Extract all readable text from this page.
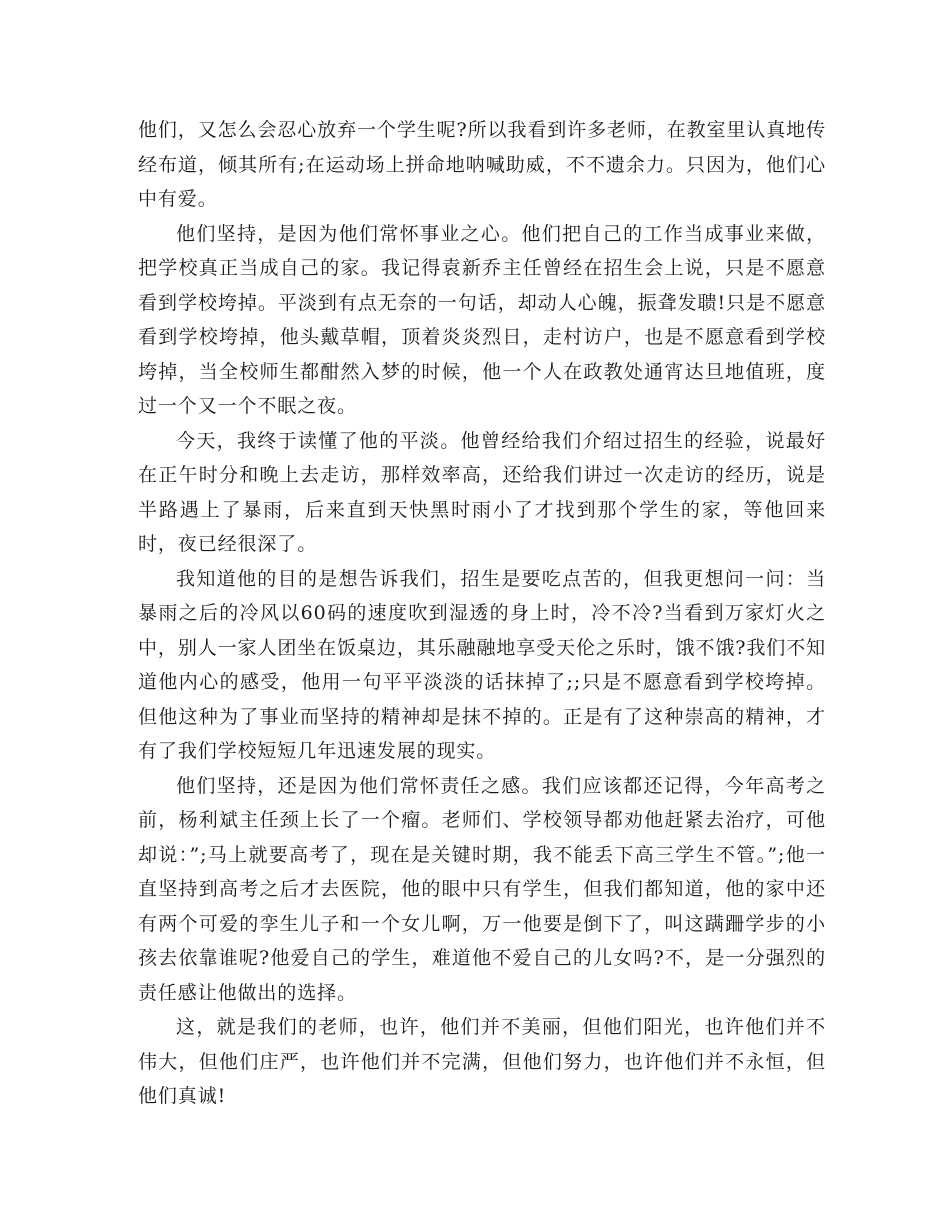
他们，又怎么会忍心放弃一个学生呢?所以我看到许多老师，在教室里认真地传经布道，倾其所有;在运动场上拼命地呐喊助威，不不遗余力。只因为，他们心中有爱。

他们坚持，是因为他们常怀事业之心。他们把自己的工作当成事业来做，把学校真正当成自己的家。我记得袁新乔主任曾经在招生会上说，只是不愿意看到学校垮掉。平淡到有点无奈的一句话，却动人心魄，振聋发聩!只是不愿意看到学校垮掉，他头戴草帽，顶着炎炎烈日，走村访户，也是不愿意看到学校垮掉，当全校师生都酣然入梦的时候，他一个人在政教处通宵达旦地值班，度过一个又一个不眠之夜。

今天，我终于读懂了他的平淡。他曾经给我们介绍过招生的经验，说最好在正午时分和晚上去走访，那样效率高，还给我们讲过一次走访的经历，说是半路遇上了暴雨，后来直到天快黑时雨小了才找到那个学生的家，等他回来时，夜已经很深了。

我知道他的目的是想告诉我们，招生是要吃点苦的，但我更想问一问：当暴雨之后的冷风以60码的速度吹到湿透的身上时，冷不冷?当看到万家灯火之中，别人一家人团坐在饭桌边，其乐融融地享受天伦之乐时，饿不饿?我们不知道他内心的感受，他用一句平平淡淡的话抹掉了;;只是不愿意看到学校垮掉。但他这种为了事业而坚持的精神却是抹不掉的。正是有了这种崇高的精神，才有了我们学校短短几年迅速发展的现实。

他们坚持，还是因为他们常怀责任之感。我们应该都还记得，今年高考之前，杨利斌主任颈上长了一个瘤。老师们、学校领导都劝他赶紧去治疗，可他却说：”;马上就要高考了，现在是关键时期，我不能丢下高三学生不管。”;他一直坚持到高考之后才去医院，他的眼中只有学生，但我们都知道，他的家中还有两个可爱的孪生儿子和一个女儿啊，万一他要是倒下了，叫这蹒跚学步的小孩去依靠谁呢?他爱自己的学生，难道他不爱自己的儿女吗?不，是一分强烈的责任感让他做出的选择。

这，就是我们的老师，也许，他们并不美丽，但他们阳光，也许他们并不伟大，但他们庄严，也许他们并不完满，但他们努力，也许他们并不永恒，但他们真诚!
